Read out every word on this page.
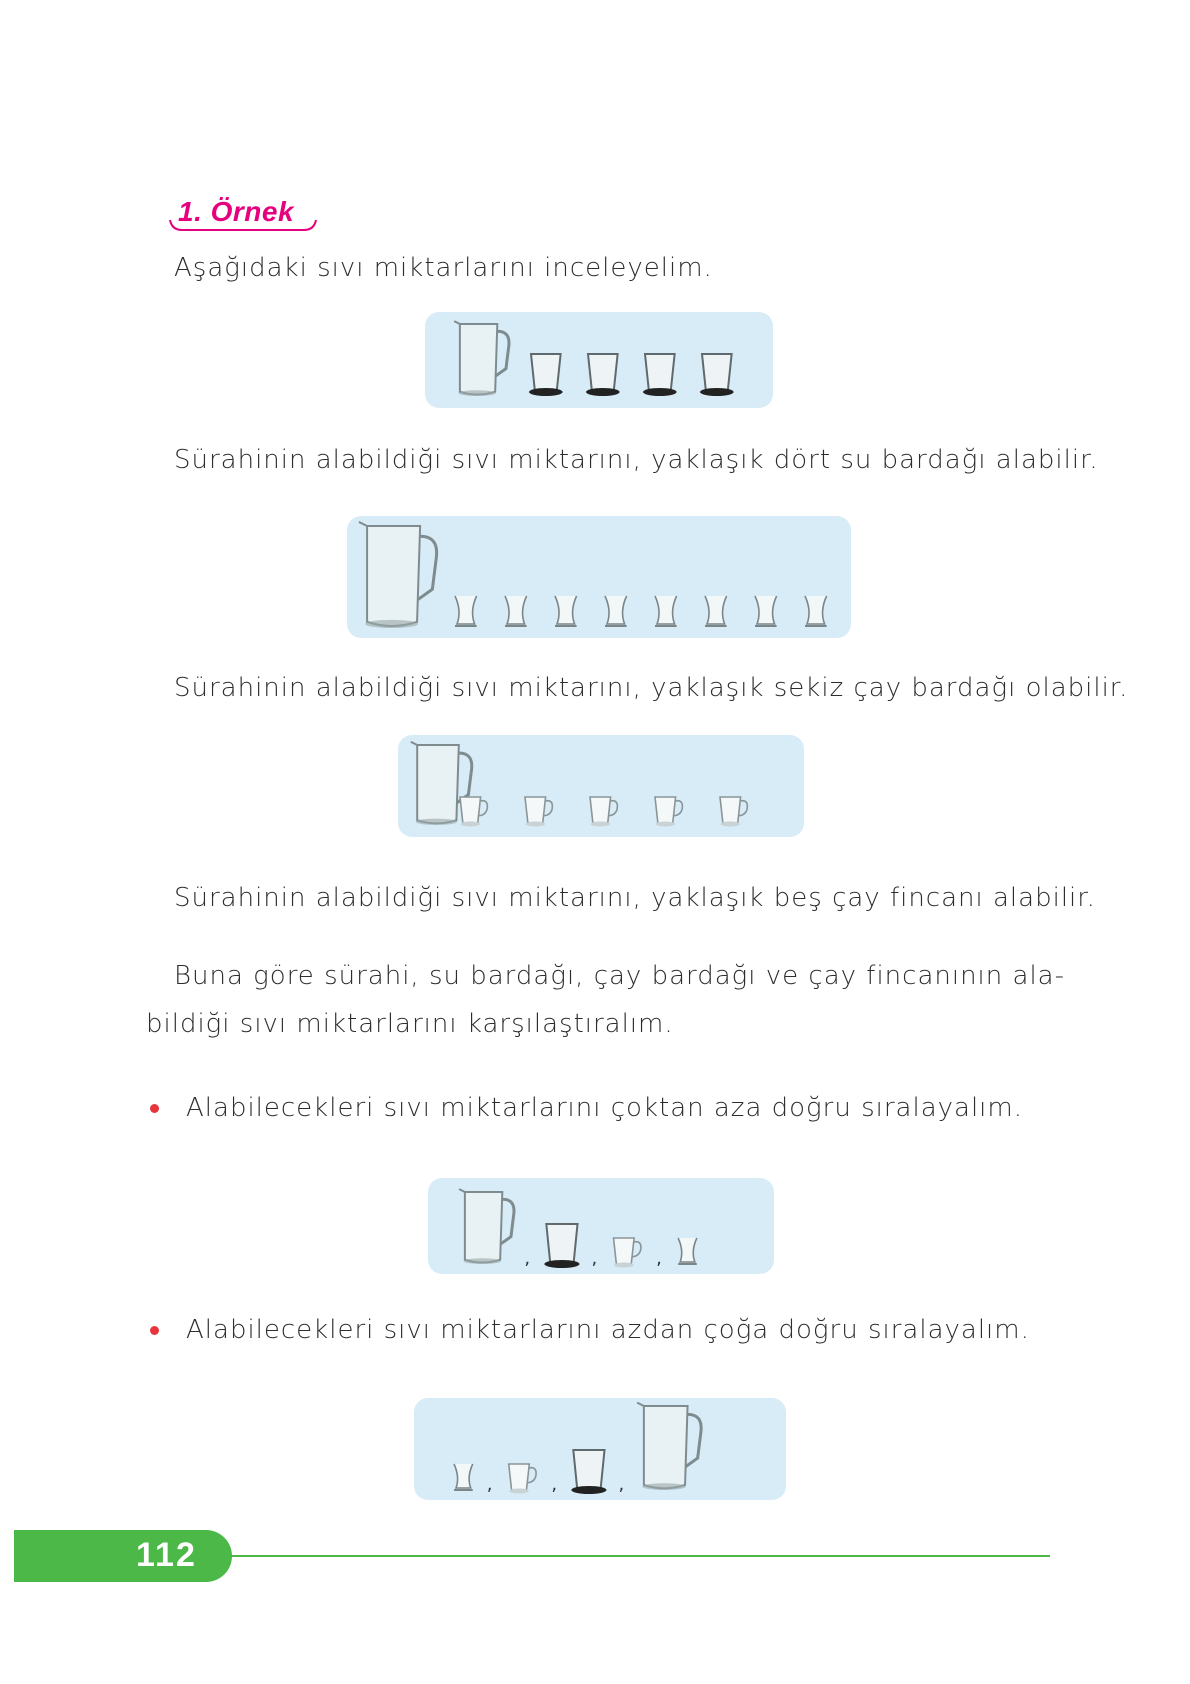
1. Örnek
Aşağıdaki sıvı miktarlarını inceleyelim.
Sürahinin alabildiği sıvı miktarını, yaklaşık dört su bardağı alabilir.
Sürahinin alabildiği sıvı miktarını, yaklaşık sekiz çay bardağı olabilir.
Sürahinin alabildiği sıvı miktarını, yaklaşık beş çay fincanı alabilir.
Buna göre sürahi, su bardağı, çay bardağı ve çay fincanının ala-
bildiği sıvı miktarlarını karşılaştıralım.
Alabilecekleri sıvı miktarlarını çoktan aza doğru sıralayalım.
,	,	,
Alabilecekleri sıvı miktarlarını azdan çoğa doğru sıralayalım.
,	,	,
112
